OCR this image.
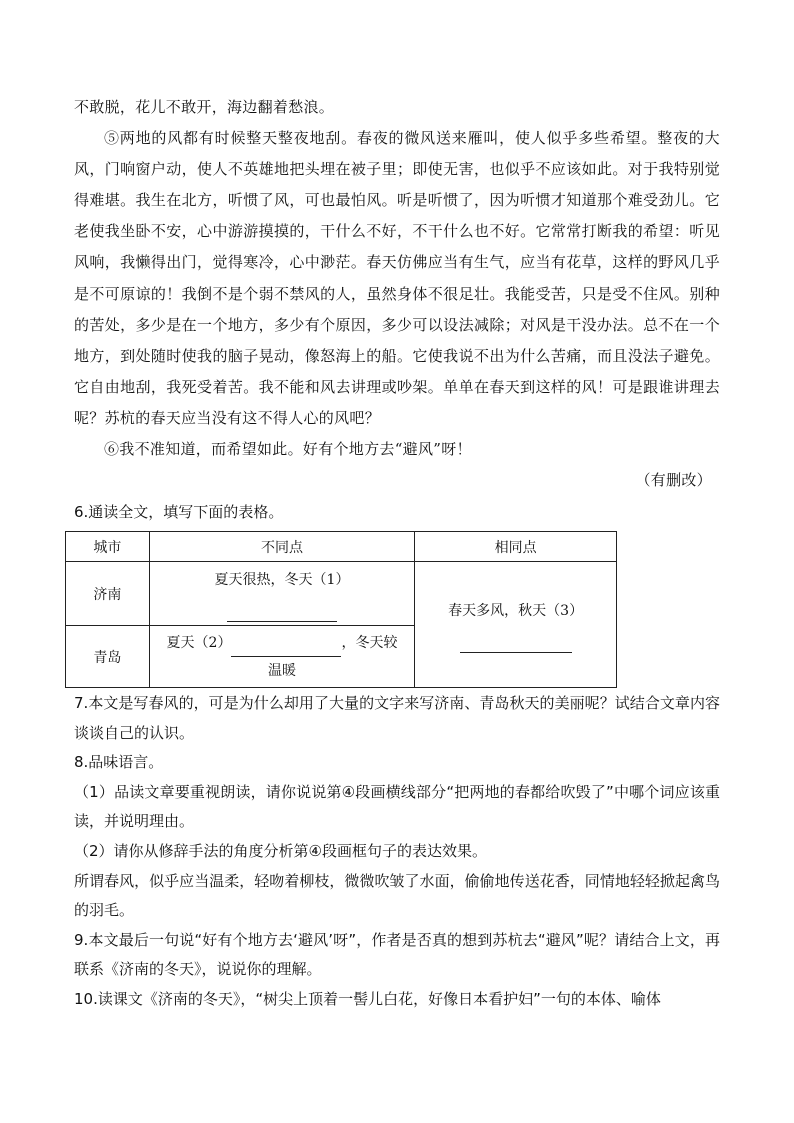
不敢脱，花儿不敢开，海边翻着愁浪。

⑤两地的风都有时候整天整夜地刮。春夜的微风送来雁叫，使人似乎多些希望。整夜的大风，门响窗户动，使人不英雄地把头埋在被子里；即使无害，也似乎不应该如此。对于我特别觉得难堪。我生在北方，听惯了风，可也最怕风。听是听惯了，因为听惯才知道那个难受劲儿。它老使我坐卧不安，心中游游摸摸的，干什么不好，不干什么也不好。它常常打断我的希望：听见风响，我懒得出门，觉得寒冷，心中渺茫。春天仿佛应当有生气，应当有花草，这样的野风几乎是不可原谅的！我倒不是个弱不禁风的人，虽然身体不很足壮。我能受苦，只是受不住风。别种的苦处，多少是在一个地方，多少有个原因，多少可以设法减除；对风是干没办法。总不在一个地方，到处随时使我的脑子晃动，像怒海上的船。它使我说不出为什么苦痛，而且没法子避免。它自由地刮，我死受着苦。我不能和风去讲理或吵架。单单在春天到这样的风！可是跟谁讲理去呢？苏杭的春天应当没有这不得人心的风吧？

⑥我不准知道，而希望如此。好有个地方去“避风”呀！

（有删改）

6.通读全文，填写下面的表格。

城市	不同点	相同点
济南	夏天很热，冬天（1）	春天多风，秋天（3）

青岛	夏天（2） ，冬天较
温暖	

7.本文是写春风的，可是为什么却用了大量的文字来写济南、青岛秋天的美丽呢？试结合文章内容谈谈自己的认识。

8.品味语言。

（1）品读文章要重视朗读，请你说说第④段画横线部分“把两地的春都给吹毁了”中哪个词应该重读，并说明理由。

（2）请你从修辞手法的角度分析第④段画框句子的表达效果。

所谓春风，似乎应当温柔，轻吻着柳枝，微微吹皱了水面，偷偷地传送花香，同情地轻轻掀起禽鸟的羽毛。

9.本文最后一句说“好有个地方去‘避风’呀”，作者是否真的想到苏杭去“避风”呢？请结合上文，再联系《济南的冬天》，说说你的理解。

10.读课文《济南的冬天》，“树尖上顶着一髻儿白花，好像日本看护妇”一句的本体、喻体
